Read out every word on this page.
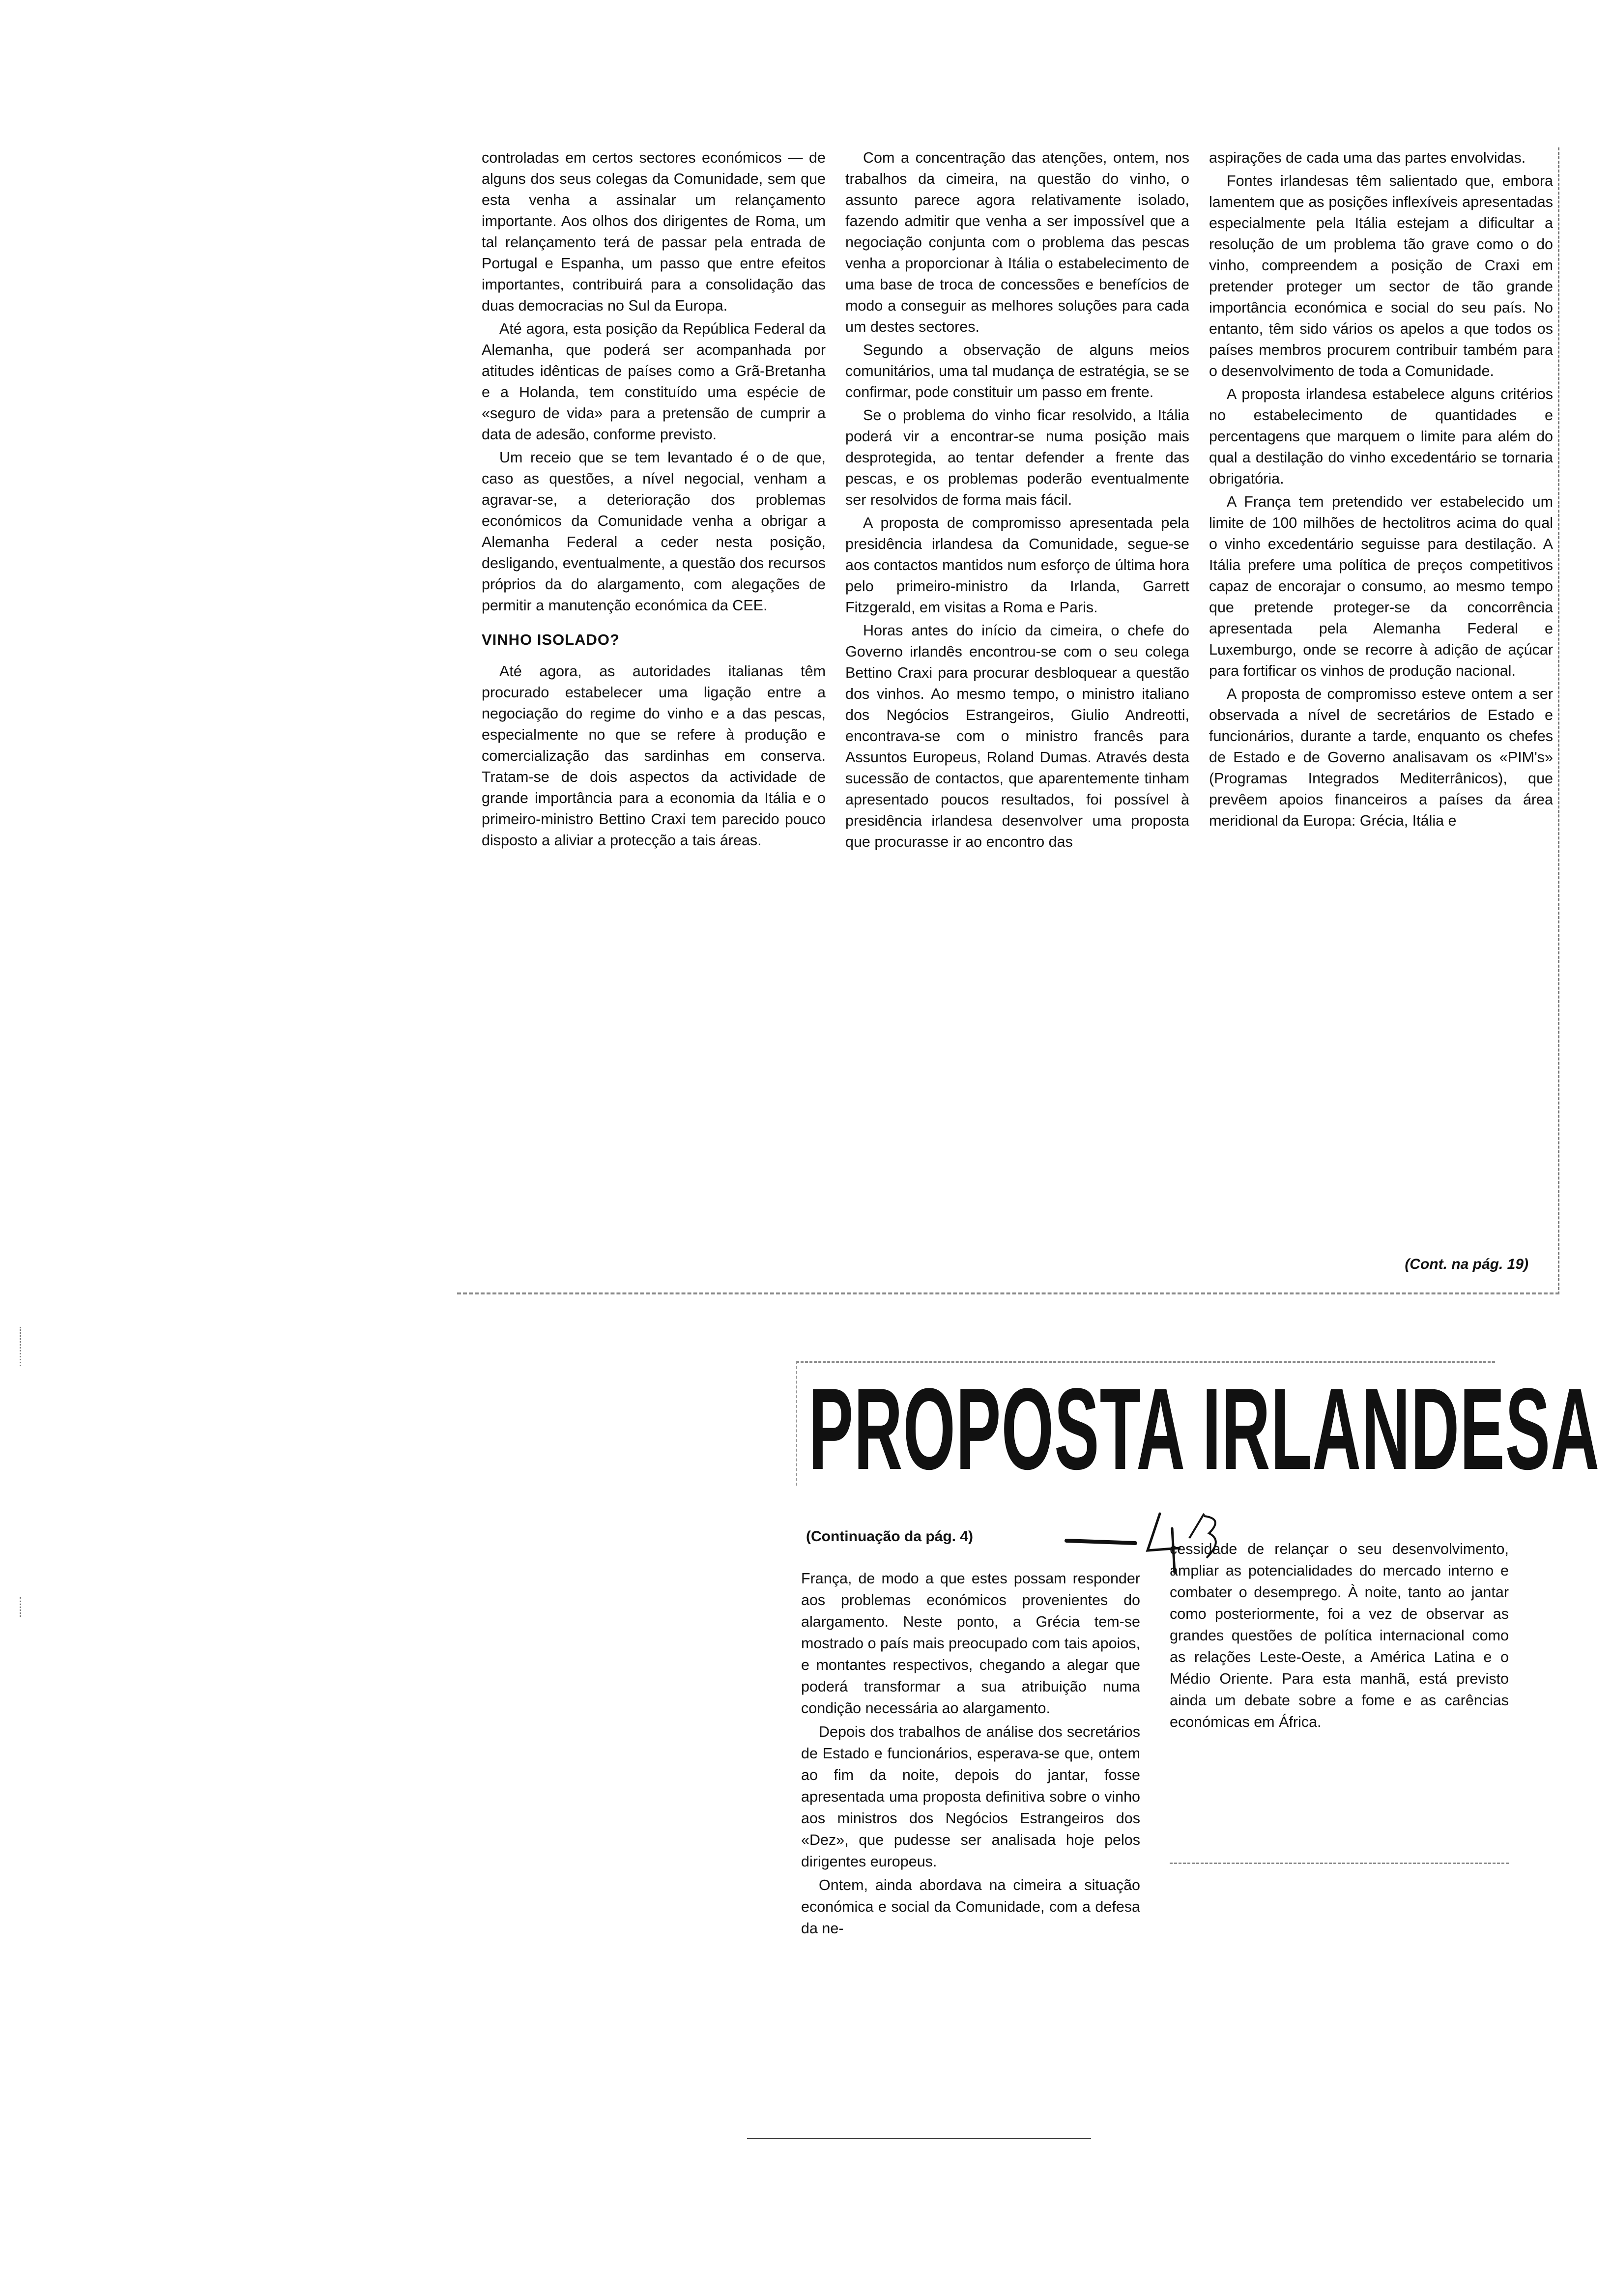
controladas em certos sectores económicos — de alguns dos seus colegas da Comunidade, sem que esta venha a assinalar um relançamento importante. Aos olhos dos dirigentes de Roma, um tal relançamento terá de passar pela entrada de Portugal e Espanha, um passo que entre efeitos importantes, contribuirá para a consolidação das duas democracias no Sul da Europa.

Até agora, esta posição da República Federal da Alemanha, que poderá ser acompanhada por atitudes idênticas de países como a Grã-Bretanha e a Holanda, tem constituído uma espécie de «seguro de vida» para a pretensão de cumprir a data de adesão, conforme previsto.

Um receio que se tem levantado é o de que, caso as questões, a nível negocial, venham a agravar-se, a deterioração dos problemas económicos da Comunidade venha a obrigar a Alemanha Federal a ceder nesta posição, desligando, eventualmente, a questão dos recursos próprios da do alargamento, com alegações de permitir a manutenção económica da CEE.

VINHO ISOLADO?

Até agora, as autoridades italianas têm procurado estabelecer uma ligação entre a negociação do regime do vinho e a das pescas, especialmente no que se refere à produção e comercialização das sardinhas em conserva. Tratam-se de dois aspectos da actividade de grande importância para a economia da Itália e o primeiro-ministro Bettino Craxi tem parecido pouco disposto a aliviar a protecção a tais áreas.

Com a concentração das atenções, ontem, nos trabalhos da cimeira, na questão do vinho, o assunto parece agora relativamente isolado, fazendo admitir que venha a ser impossível que a negociação conjunta com o problema das pescas venha a proporcionar à Itália o estabelecimento de uma base de troca de concessões e benefícios de modo a conseguir as melhores soluções para cada um destes sectores.

Segundo a observação de alguns meios comunitários, uma tal mudança de estratégia, se se confirmar, pode constituir um passo em frente.

Se o problema do vinho ficar resolvido, a Itália poderá vir a encontrar-se numa posição mais desprotegida, ao tentar defender a frente das pescas, e os problemas poderão eventualmente ser resolvidos de forma mais fácil.

A proposta de compromisso apresentada pela presidência irlandesa da Comunidade, segue-se aos contactos mantidos num esforço de última hora pelo primeiro-ministro da Irlanda, Garrett Fitzgerald, em visitas a Roma e Paris.

Horas antes do início da cimeira, o chefe do Governo irlandês encontrou-se com o seu colega Bettino Craxi para procurar desbloquear a questão dos vinhos. Ao mesmo tempo, o ministro italiano dos Negócios Estrangeiros, Giulio Andreotti, encontrava-se com o ministro francês para Assuntos Europeus, Roland Dumas. Através desta sucessão de contactos, que aparentemente tinham apresentado poucos resultados, foi possível à presidência irlandesa desenvolver uma proposta que procurasse ir ao encontro das

aspirações de cada uma das partes envolvidas.

Fontes irlandesas têm salientado que, embora lamentem que as posições inflexíveis apresentadas especialmente pela Itália estejam a dificultar a resolução de um problema tão grave como o do vinho, compreendem a posição de Craxi em pretender proteger um sector de tão grande importância económica e social do seu país. No entanto, têm sido vários os apelos a que todos os países membros procurem contribuir também para o desenvolvimento de toda a Comunidade.

A proposta irlandesa estabelece alguns critérios no estabelecimento de quantidades e percentagens que marquem o limite para além do qual a destilação do vinho excedentário se tornaria obrigatória.

A França tem pretendido ver estabelecido um limite de 100 milhões de hectolitros acima do qual o vinho excedentário seguisse para destilação. A Itália prefere uma política de preços competitivos capaz de encorajar o consumo, ao mesmo tempo que pretende proteger-se da concorrência apresentada pela Alemanha Federal e Luxemburgo, onde se recorre à adição de açúcar para fortificar os vinhos de produção nacional.

A proposta de compromisso esteve ontem a ser observada a nível de secretários de Estado e funcionários, durante a tarde, enquanto os chefes de Estado e de Governo analisavam os «PIM's» (Programas Integrados Mediterrânicos), que prevêem apoios financeiros a países da área meridional da Europa: Grécia, Itália e

(Cont. na pág. 19)
PROPOSTA IRLANDESA
(Continuação da pág. 4)

França, de modo a que estes possam responder aos problemas económicos provenientes do alargamento. Neste ponto, a Grécia tem-se mostrado o país mais preocupado com tais apoios, e montantes respectivos, chegando a alegar que poderá transformar a sua atribuição numa condição necessária ao alargamento.

Depois dos trabalhos de análise dos secretários de Estado e funcionários, esperava-se que, ontem ao fim da noite, depois do jantar, fosse apresentada uma proposta definitiva sobre o vinho aos ministros dos Negócios Estrangeiros dos «Dez», que pudesse ser analisada hoje pelos dirigentes europeus.

Ontem, ainda abordava na cimeira a situação económica e social da Comunidade, com a defesa da ne-

cessidade de relançar o seu desenvolvimento, ampliar as potencialidades do mercado interno e combater o desemprego. À noite, tanto ao jantar como posteriormente, foi a vez de observar as grandes questões de política internacional como as relações Leste-Oeste, a América Latina e o Médio Oriente. Para esta manhã, está previsto ainda um debate sobre a fome e as carências económicas em África.
